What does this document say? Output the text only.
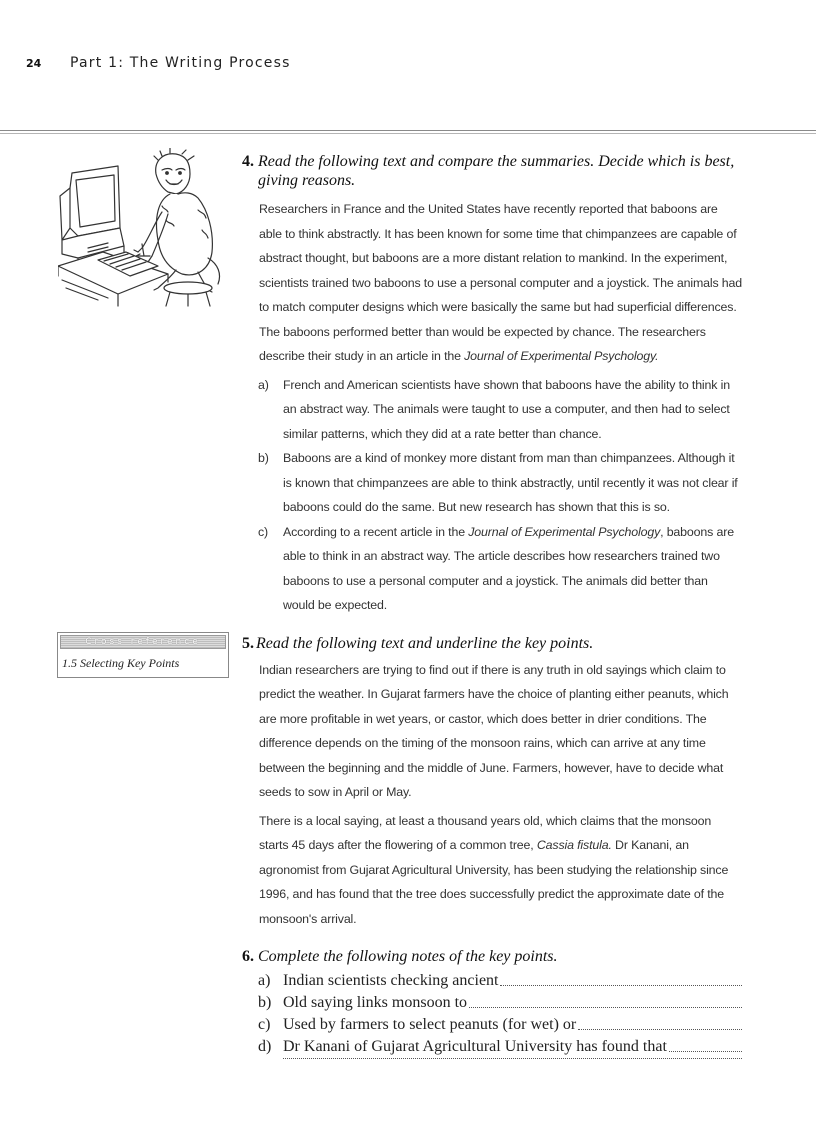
24	Part 1: The Writing Process
Cross reference
1.5 Selecting Key Points
4. Read the following text and compare the summaries. Decide which is best, giving reasons.

Researchers in France and the United States have recently reported that baboons are able to think abstractly. It has been known for some time that chimpanzees are capable of abstract thought, but baboons are a more distant relation to mankind. In the experiment, scientists trained two baboons to use a personal computer and a joystick. The animals had to match computer designs which were basically the same but had superficial differences. The baboons performed better than would be expected by chance. The researchers describe their study in an article in the Journal of Experimental Psychology.

a)	French and American scientists have shown that baboons have the ability to think in an abstract way. The animals were taught to use a computer, and then had to select similar patterns, which they did at a rate better than chance.
b)	Baboons are a kind of monkey more distant from man than chimpanzees. Although it is known that chimpanzees are able to think abstractly, until recently it was not clear if baboons could do the same. But new research has shown that this is so.
c)	According to a recent article in the Journal of Experimental Psychology, baboons are able to think in an abstract way. The article describes how researchers trained two baboons to use a personal computer and a joystick. The animals did better than would be expected.
5. Read the following text and underline the key points.

Indian researchers are trying to find out if there is any truth in old sayings which claim to predict the weather. In Gujarat farmers have the choice of planting either peanuts, which are more profitable in wet years, or castor, which does better in drier conditions. The difference depends on the timing of the monsoon rains, which can arrive at any time between the beginning and the middle of June. Farmers, however, have to decide what seeds to sow in April or May.

There is a local saying, at least a thousand years old, which claims that the monsoon starts 45 days after the flowering of a common tree, Cassia fistula. Dr Kanani, an agronomist from Gujarat Agricultural University, has been studying the relationship since 1996, and has found that the tree does successfully predict the approximate date of the monsoon's arrival.

6. Complete the following notes of the key points.
a) Indian scientists checking ancient
b) Old saying links monsoon to
c) Used by farmers to select peanuts (for wet) or
d) Dr Kanani of Gujarat Agricultural University has found that
